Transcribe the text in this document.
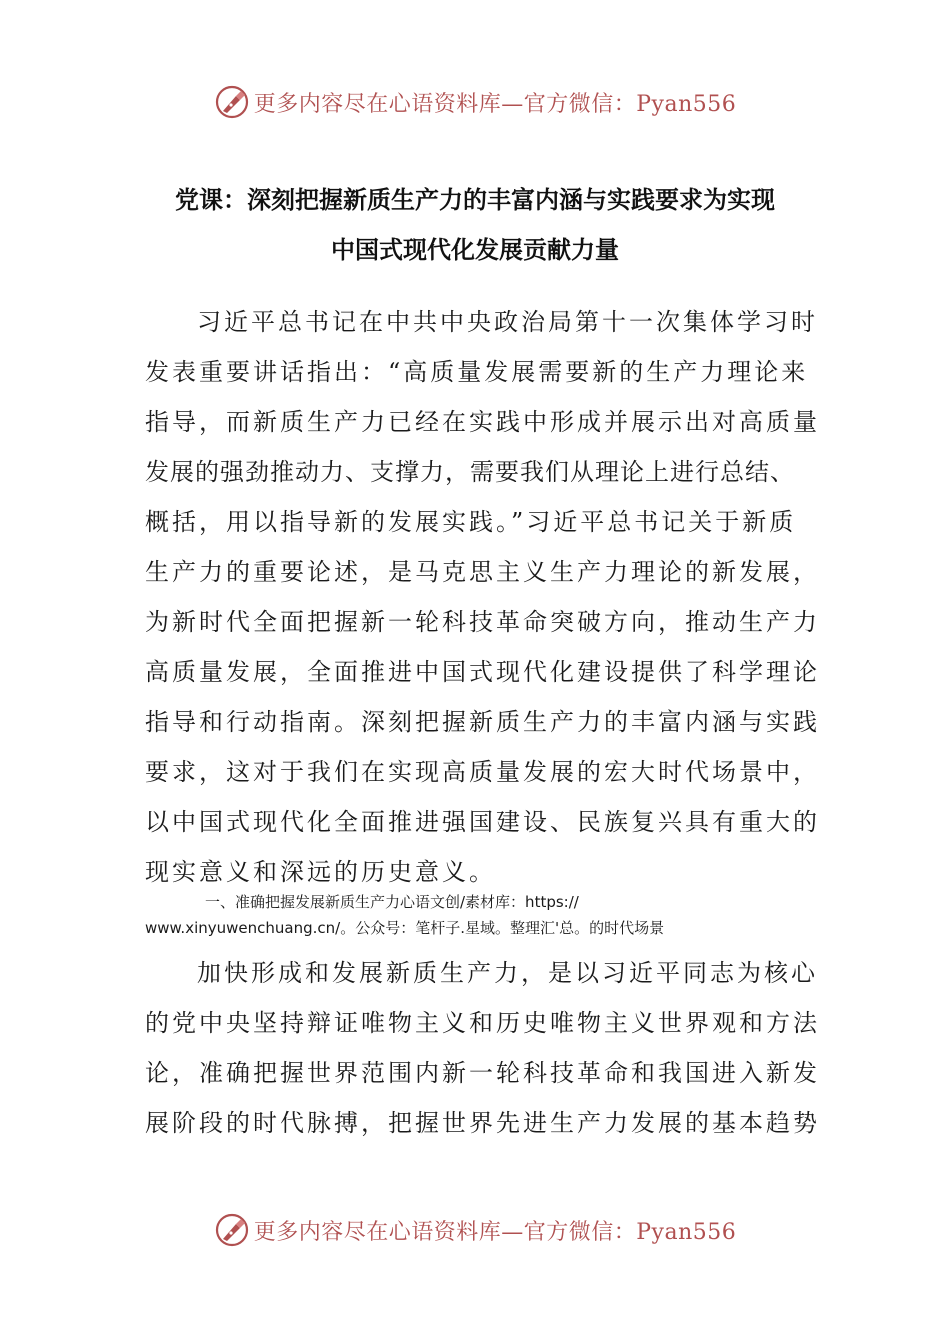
更多内容尽在心语资料库—官方微信：Pyan556
党课：深刻把握新质生产力的丰富内涵与实践要求为实现
中国式现代化发展贡献力量
习近平总书记在中共中央政治局第十一次集体学习时
发表重要讲话指出：“高质量发展需要新的生产力理论来
指导，而新质生产力已经在实践中形成并展示出对高质量
发展的强劲推动力、支撑力，需要我们从理论上进行总结、
概括，用以指导新的发展实践。”习近平总书记关于新质
生产力的重要论述，是马克思主义生产力理论的新发展，
为新时代全面把握新一轮科技革命突破方向，推动生产力
高质量发展，全面推进中国式现代化建设提供了科学理论
指导和行动指南。深刻把握新质生产力的丰富内涵与实践
要求，这对于我们在实现高质量发展的宏大时代场景中，
以中国式现代化全面推进强国建设、民族复兴具有重大的
现实意义和深远的历史意义。
一、准确把握发展新质生产力心语文创/素材库：https://
www.xinyuwenchuang.cn/。公众号：笔杆子.星域。整理汇'总。的时代场景
加快形成和发展新质生产力，是以习近平同志为核心
的党中央坚持辩证唯物主义和历史唯物主义世界观和方法
论，准确把握世界范围内新一轮科技革命和我国进入新发
展阶段的时代脉搏，把握世界先进生产力发展的基本趋势
更多内容尽在心语资料库—官方微信：Pyan556
